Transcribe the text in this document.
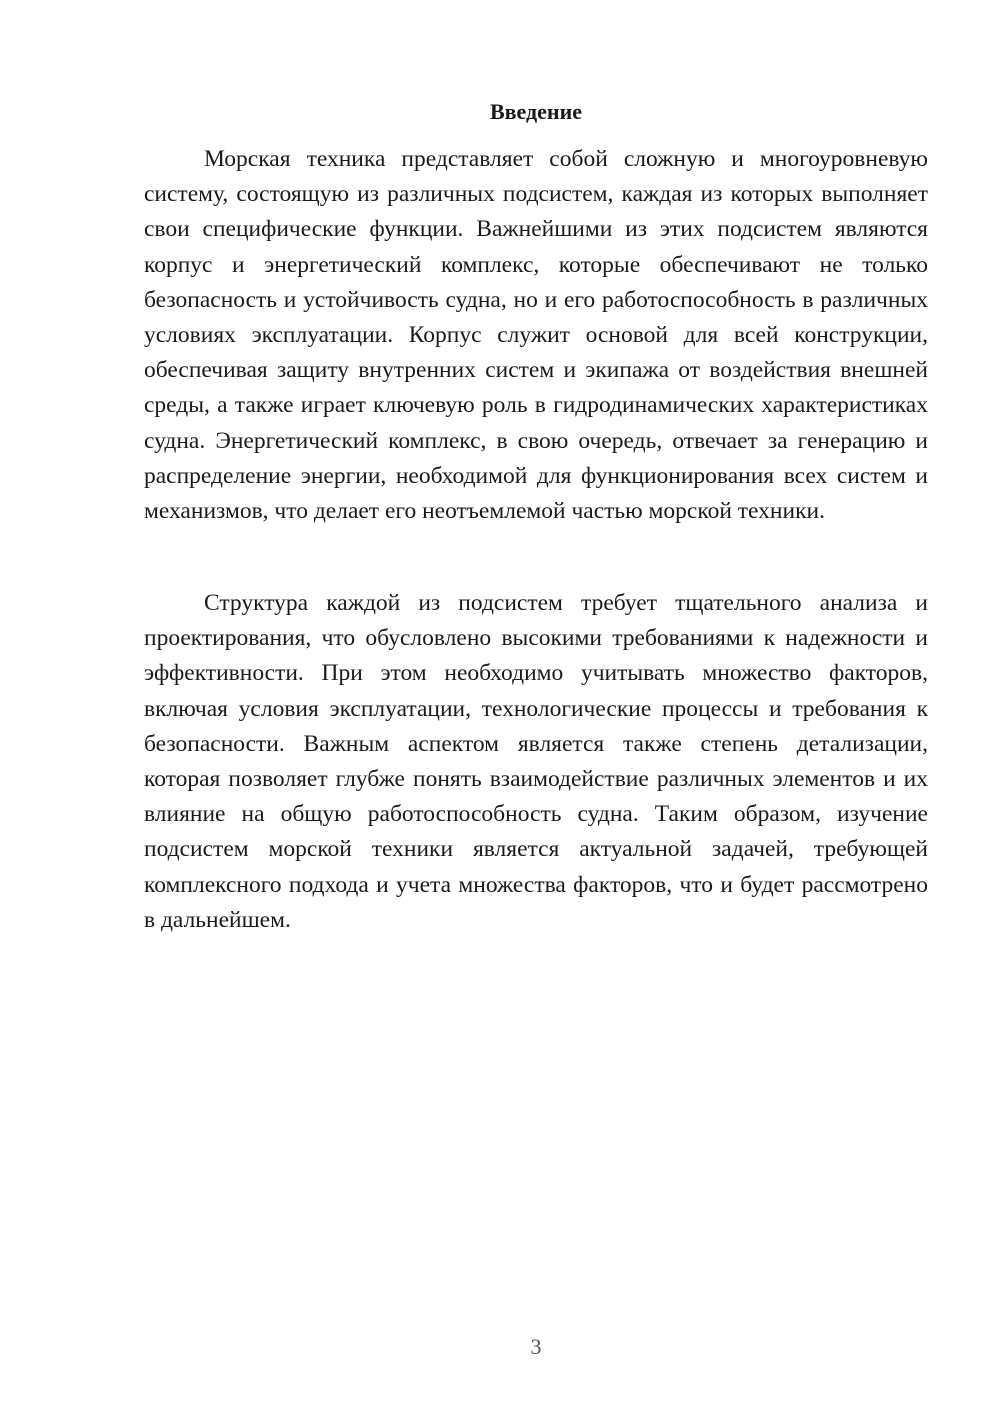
Введение

Морская техника представляет собой сложную и многоуровневую систему, состоящую из различных подсистем, каждая из которых выполняет свои специфические функции. Важнейшими из этих подсистем являются корпус и энергетический комплекс, которые обеспечивают не только безопасность и устойчивость судна, но и его работоспособность в различных условиях эксплуатации. Корпус служит основой для всей конструкции, обеспечивая защиту внутренних систем и экипажа от воздействия внешней среды, а также играет ключевую роль в гидродинамических характеристиках судна. Энергетический комплекс, в свою очередь, отвечает за генерацию и распределение энергии, необходимой для функционирования всех систем и механизмов, что делает его неотъемлемой частью морской техники.

Структура каждой из подсистем требует тщательного анализа и проектирования, что обусловлено высокими требованиями к надежности и эффективности. При этом необходимо учитывать множество факторов, включая условия эксплуатации, технологические процессы и требования к безопасности. Важным аспектом является также степень детализации, которая позволяет глубже понять взаимодействие различных элементов и их влияние на общую работоспособность судна. Таким образом, изучение подсистем морской техники является актуальной задачей, требующей комплексного подхода и учета множества факторов, что и будет рассмотрено в дальнейшем.

3
